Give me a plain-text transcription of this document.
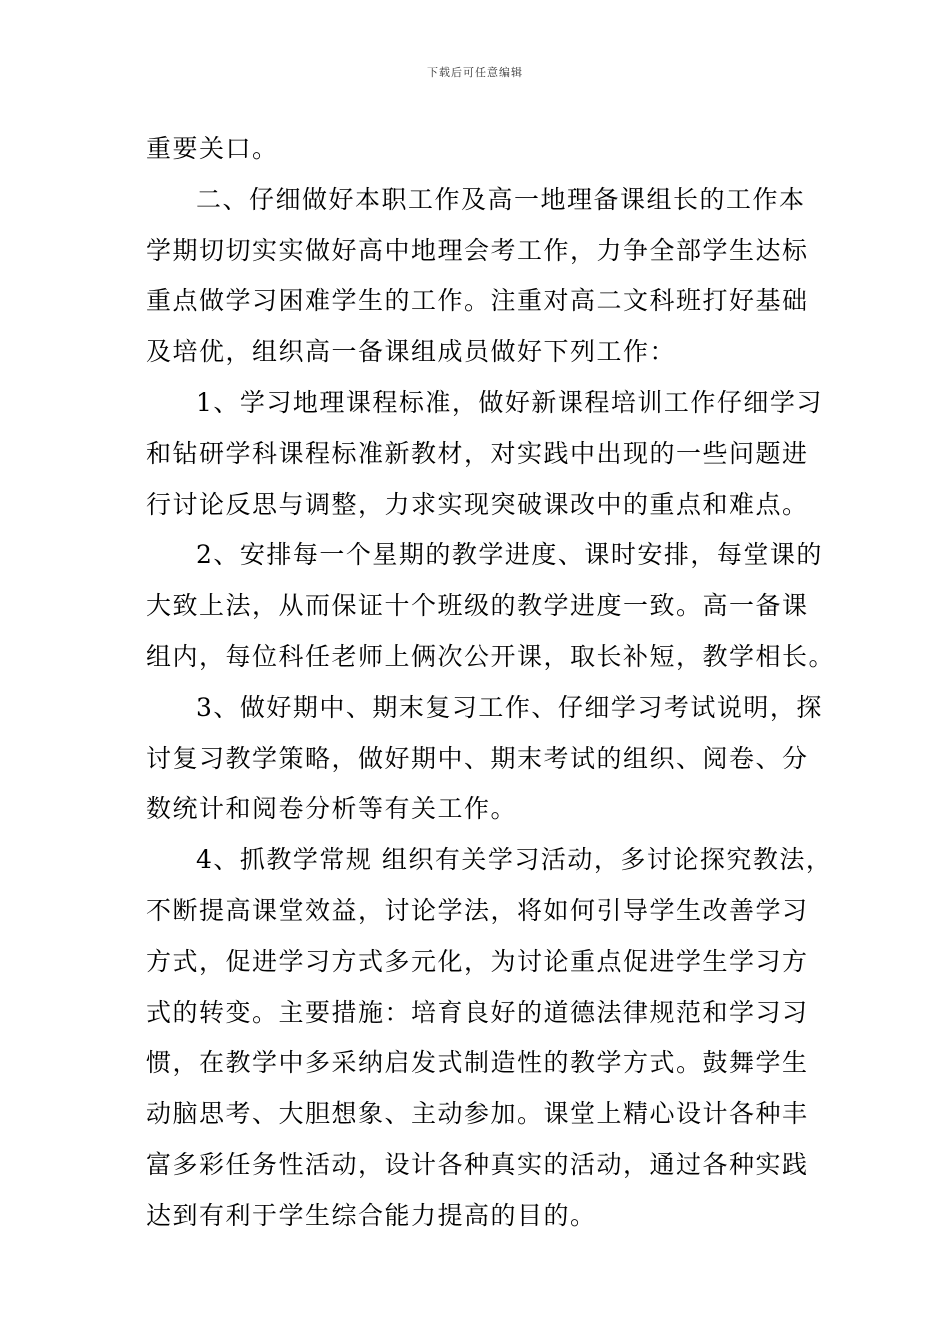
下载后可任意编辑
重要关口。
二、仔细做好本职工作及高一地理备课组长的工作本
学期切切实实做好高中地理会考工作，力争全部学生达标
重点做学习困难学生的工作。注重对高二文科班打好基础
及培优，组织高一备课组成员做好下列工作：
1、学习地理课程标准，做好新课程培训工作仔细学习
和钻研学科课程标准新教材，对实践中出现的一些问题进
行讨论反思与调整，力求实现突破课改中的重点和难点。
2、安排每一个星期的教学进度、课时安排，每堂课的
大致上法，从而保证十个班级的教学进度一致。高一备课
组内，每位科任老师上俩次公开课，取长补短，教学相长。
3、做好期中、期末复习工作、仔细学习考试说明，探
讨复习教学策略，做好期中、期末考试的组织、阅卷、分
数统计和阅卷分析等有关工作。
4、抓教学常规 组织有关学习活动，多讨论探究教法，
不断提高课堂效益，讨论学法，将如何引导学生改善学习
方式，促进学习方式多元化，为讨论重点促进学生学习方
式的转变。主要措施：培育良好的道德法律规范和学习习
惯，在教学中多采纳启发式制造性的教学方式。鼓舞学生
动脑思考、大胆想象、主动参加。课堂上精心设计各种丰
富多彩任务性活动，设计各种真实的活动，通过各种实践
达到有利于学生综合能力提高的目的。
